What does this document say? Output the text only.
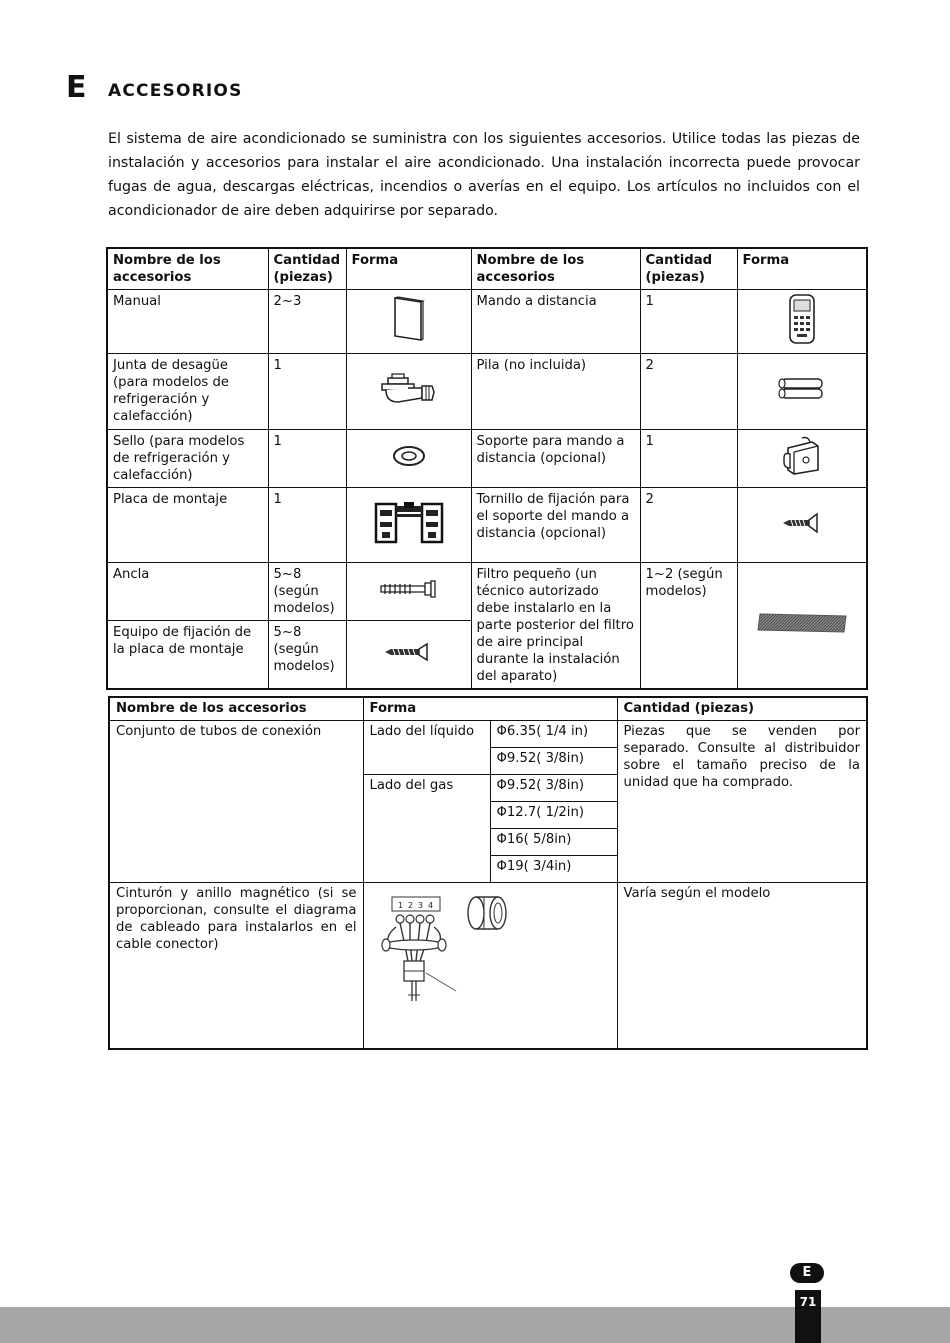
E ACCESORIOS

El sistema de aire acondicionado se suministra con los siguientes accesorios. Utilice todas las piezas de instalación y accesorios para instalar el aire acondicionado. Una instalación incorrecta puede provocar fugas de agua, descargas eléctricas, incendios o averías en el equipo. Los artículos no incluidos con el acondicionador de aire deben adquirirse por separado.

Nombre de los accesorios	Cantidad (piezas)	Forma	Nombre de los accesorios	Cantidad (piezas)	Forma
Manual	2~3		Mando a distancia	1	
Junta de desagüe (para modelos de refrigeración y calefacción)	1		Pila (no incluida)	2	
Sello (para modelos de refrigeración y calefacción)	1		Soporte para mando a distancia (opcional)	1	
Placa de montaje	1		Tornillo de fijación para el soporte del mando a distancia (opcional)	2	
Ancla	5~8 (según modelos)		Filtro pequeño (un técnico autorizado debe instalarlo en la parte posterior del filtro de aire principal durante la instalación del aparato)	1~2 (según modelos)	
Equipo de fijación de la placa de montaje	5~8 (según modelos)	
Nombre de los accesorios	Forma		Cantidad (piezas)
Conjunto de tubos de conexión	Lado del líquido	Φ6.35( 1/4 in)	Piezas que se venden por separado. Consulte al distribuidor sobre el tamaño preciso de la unidad que ha comprado.
		Φ9.52( 3/8in)	
	Lado del gas	Φ9.52( 3/8in)	
		Φ12.7( 1/2in)	
		Φ16( 5/8in)	
		Φ19( 3/4in)	
Cinturón y anillo magnético (si se proporcionan, consulte el diagrama de cableado para instalarlos en el cable conector)	1 2 3 4		Varía según el modelo
E
71
